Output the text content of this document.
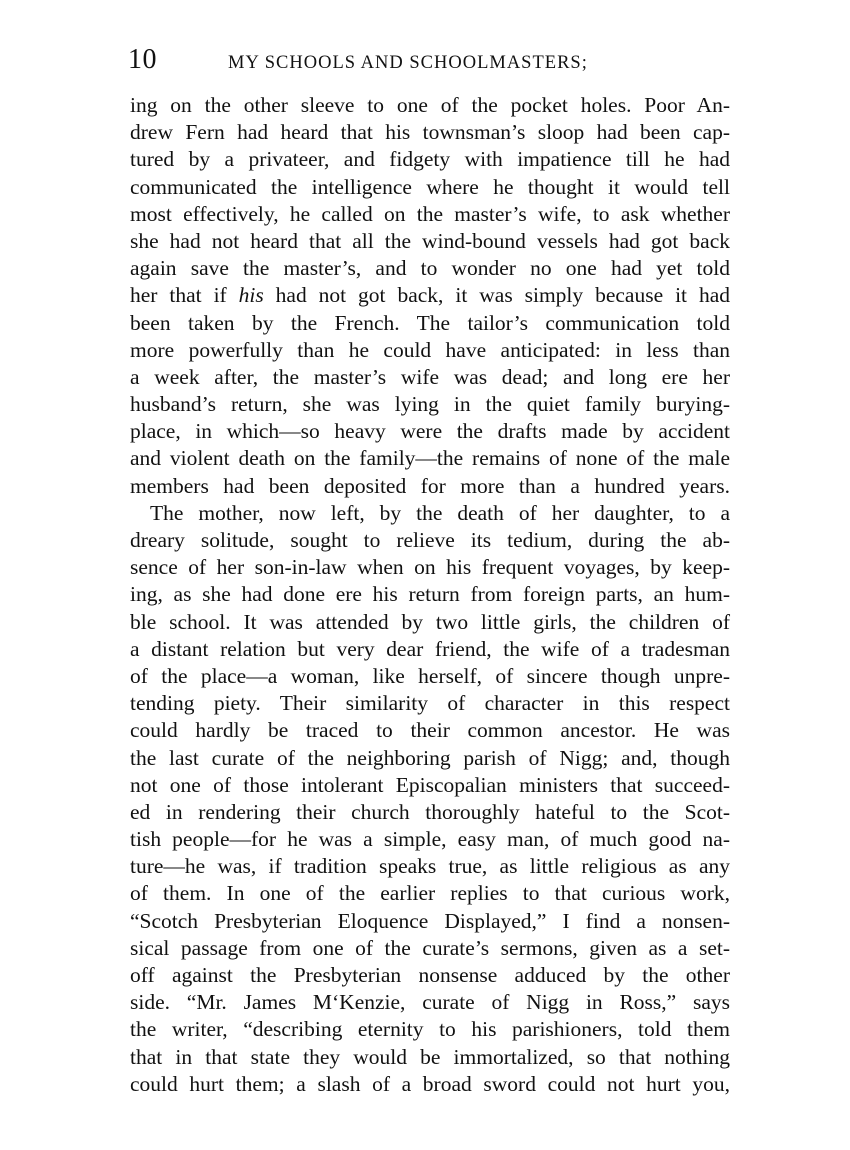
10	MY SCHOOLS AND SCHOOLMASTERS;
ing on the other sleeve to one of the pocket holes. Poor An-
drew Fern had heard that his townsman’s sloop had been cap-
tured by a privateer, and fidgety with impatience till he had
communicated the intelligence where he thought it would tell
most effectively, he called on the master’s wife, to ask whether
she had not heard that all the wind-bound vessels had got back
again save the master’s, and to wonder no one had yet told
her that if his had not got back, it was simply because it had
been taken by the French. The tailor’s communication told
more powerfully than he could have anticipated: in less than
a week after, the master’s wife was dead; and long ere her
husband’s return, she was lying in the quiet family burying-
place, in which—so heavy were the drafts made by accident
and violent death on the family—the remains of none of the male
members had been deposited for more than a hundred years.
The mother, now left, by the death of her daughter, to a
dreary solitude, sought to relieve its tedium, during the ab-
sence of her son-in-law when on his frequent voyages, by keep-
ing, as she had done ere his return from foreign parts, an hum-
ble school. It was attended by two little girls, the children of
a distant relation but very dear friend, the wife of a tradesman
of the place—a woman, like herself, of sincere though unpre-
tending piety. Their similarity of character in this respect
could hardly be traced to their common ancestor. He was
the last curate of the neighboring parish of Nigg; and, though
not one of those intolerant Episcopalian ministers that succeed-
ed in rendering their church thoroughly hateful to the Scot-
tish people—for he was a simple, easy man, of much good na-
ture—he was, if tradition speaks true, as little religious as any
of them. In one of the earlier replies to that curious work,
“Scotch Presbyterian Eloquence Displayed,” I find a nonsen-
sical passage from one of the curate’s sermons, given as a set-
off against the Presbyterian nonsense adduced by the other
side. “Mr. James M‘Kenzie, curate of Nigg in Ross,” says
the writer, “describing eternity to his parishioners, told them
that in that state they would be immortalized, so that nothing
could hurt them; a slash of a broad sword could not hurt you,
